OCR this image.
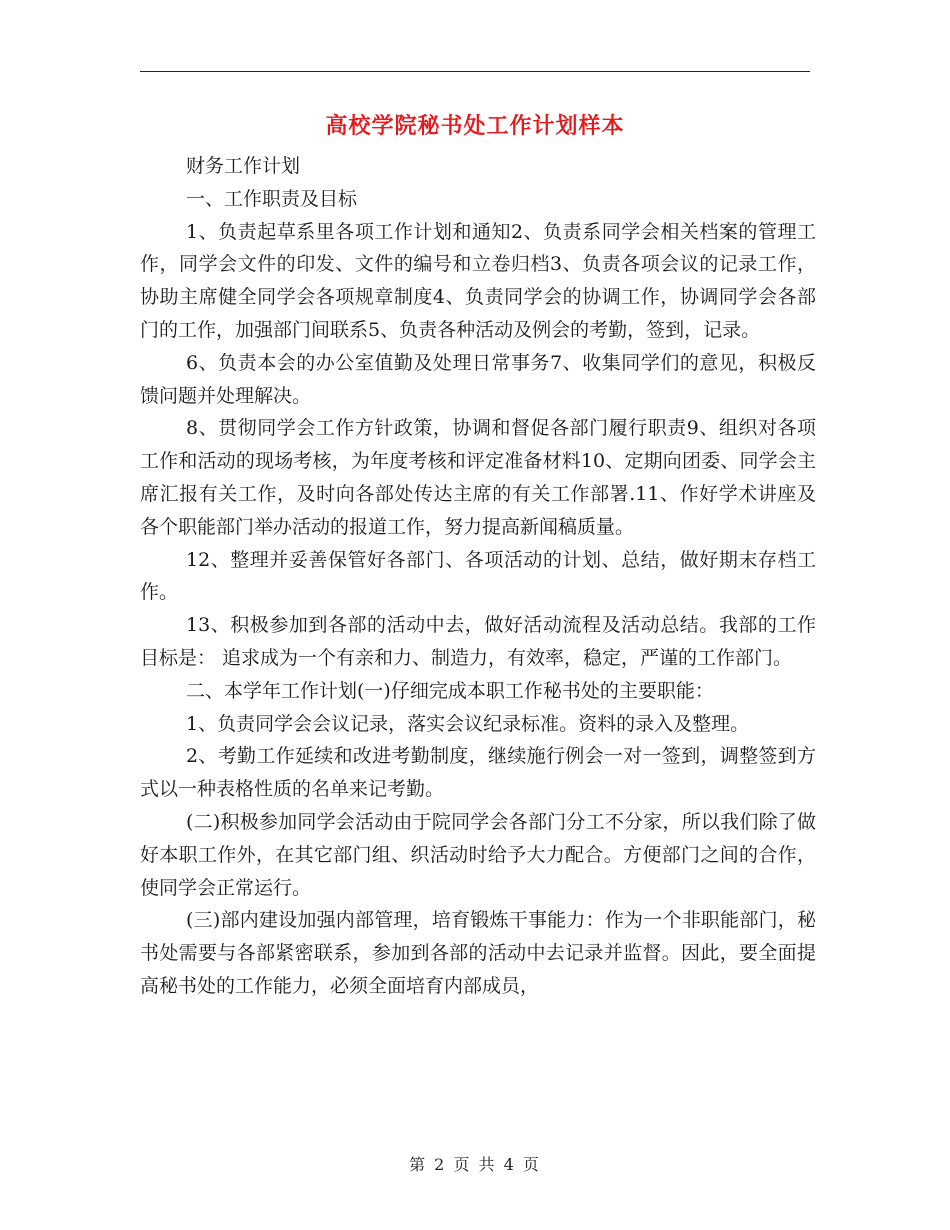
高校学院秘书处工作计划样本

财务工作计划

一、工作职责及目标

1、负责起草系里各项工作计划和通知2、负责系同学会相关档案的管理工作，同学会文件的印发、文件的编号和立卷归档3、负责各项会议的记录工作，协助主席健全同学会各项规章制度4、负责同学会的协调工作，协调同学会各部门的工作，加强部门间联系5、负责各种活动及例会的考勤，签到，记录。

6、负责本会的办公室值勤及处理日常事务7、收集同学们的意见，积极反馈问题并处理解决。

8、贯彻同学会工作方针政策，协调和督促各部门履行职责9、组织对各项工作和活动的现场考核，为年度考核和评定准备材料10、定期向团委、同学会主席汇报有关工作，及时向各部处传达主席的有关工作部署.11、作好学术讲座及各个职能部门举办活动的报道工作，努力提高新闻稿质量。

12、整理并妥善保管好各部门、各项活动的计划、总结，做好期末存档工作。

13、积极参加到各部的活动中去，做好活动流程及活动总结。我部的工作目标是： 追求成为一个有亲和力、制造力，有效率，稳定，严谨的工作部门。

二、本学年工作计划(一)仔细完成本职工作秘书处的主要职能：

1、负责同学会会议记录，落实会议纪录标准。资料的录入及整理。

2、考勤工作延续和改进考勤制度，继续施行例会一对一签到，调整签到方式以一种表格性质的名单来记考勤。

(二)积极参加同学会活动由于院同学会各部门分工不分家，所以我们除了做好本职工作外，在其它部门组、织活动时给予大力配合。方便部门之间的合作，使同学会正常运行。

(三)部内建设加强内部管理，培育锻炼干事能力：作为一个非职能部门，秘书处需要与各部紧密联系，参加到各部的活动中去记录并监督。因此，要全面提高秘书处的工作能力，必须全面培育内部成员，

第 2 页 共 4 页
